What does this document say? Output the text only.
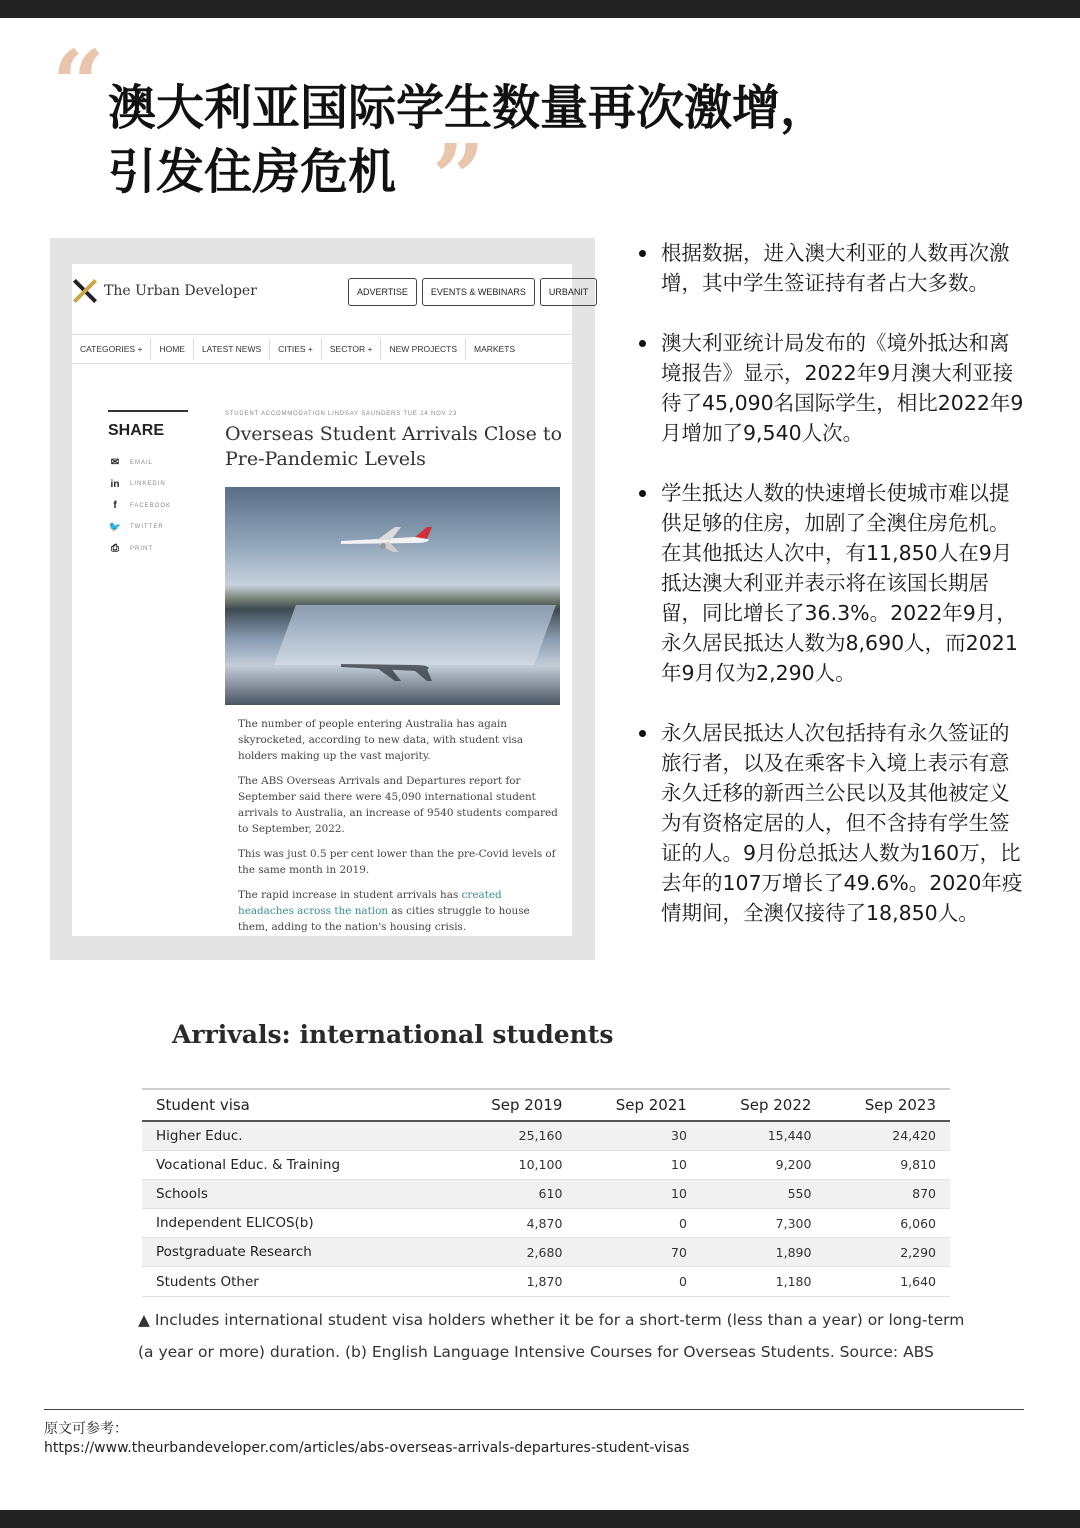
“ 澳大利亚国际学生数量再次激增，
引发住房危机 ”
The Urban Developer	ADVERTISE	EVENTS & WEBINARS	URBANIT
CATEGORIES +	HOME	LATEST NEWS	CITIES +	SECTOR +	NEW PROJECTS	MARKETS
SHARE
✉	EMAIL
in	LINKEDIN
f	FACEBOOK
🐦 TWITTER
⎙	PRINT
STUDENT ACCOMMODATION LINDSAY SAUNDERS TUE 14 NOV 23
Overseas Student Arrivals Close to Pre-Pandemic Levels

The number of people entering Australia has again skyrocketed, according to new data, with student visa holders making up the vast majority.

The ABS Overseas Arrivals and Departures report for September said there were 45,090 international student arrivals to Australia, an increase of 9540 students compared to September, 2022.

This was just 0.5 per cent lower than the pre-Covid levels of the same month in 2019.

The rapid increase in student arrivals has created headaches across the nation as cities struggle to house them, adding to the nation's housing crisis.

根据数据，进入澳大利亚的人数再次激增，其中学生签证持有者占大多数。
澳大利亚统计局发布的《境外抵达和离境报告》显示，2022年9月澳大利亚接待了45,090名国际学生，相比2022年9月增加了9,540人次。
学生抵达人数的快速增长使城市难以提供足够的住房，加剧了全澳住房危机。在其他抵达人次中，有11,850人在9月抵达澳大利亚并表示将在该国长期居留，同比增长了36.3%。2022年9月，永久居民抵达人数为8,690人，而2021年9月仅为2,290人。
永久居民抵达人次包括持有永久签证的旅行者，以及在乘客卡入境上表示有意永久迁移的新西兰公民以及其他被定义为有资格定居的人，但不含持有学生签证的人。9月份总抵达人数为160万，比去年的107万增长了49.6%。2020年疫情期间，全澳仅接待了18,850人。
Arrivals: international students
Student visa	Sep 2019	Sep 2021	Sep 2022	Sep 2023
Higher Educ.	25,160	30	15,440	24,420
Vocational Educ. & Training	10,100	10	9,200	9,810
Schools	610	10	550	870
Independent ELICOS(b)	4,870	0	7,300	6,060
Postgraduate Research	2,680	70	1,890	2,290
Students Other	1,870	0	1,180	1,640
▲ Includes international student visa holders whether it be for a short-term (less than a year) or long-term (a year or more) duration. (b) English Language Intensive Courses for Overseas Students. Source: ABS
原文可参考：
https://www.theurbandeveloper.com/articles/abs-overseas-arrivals-departures-student-visas
